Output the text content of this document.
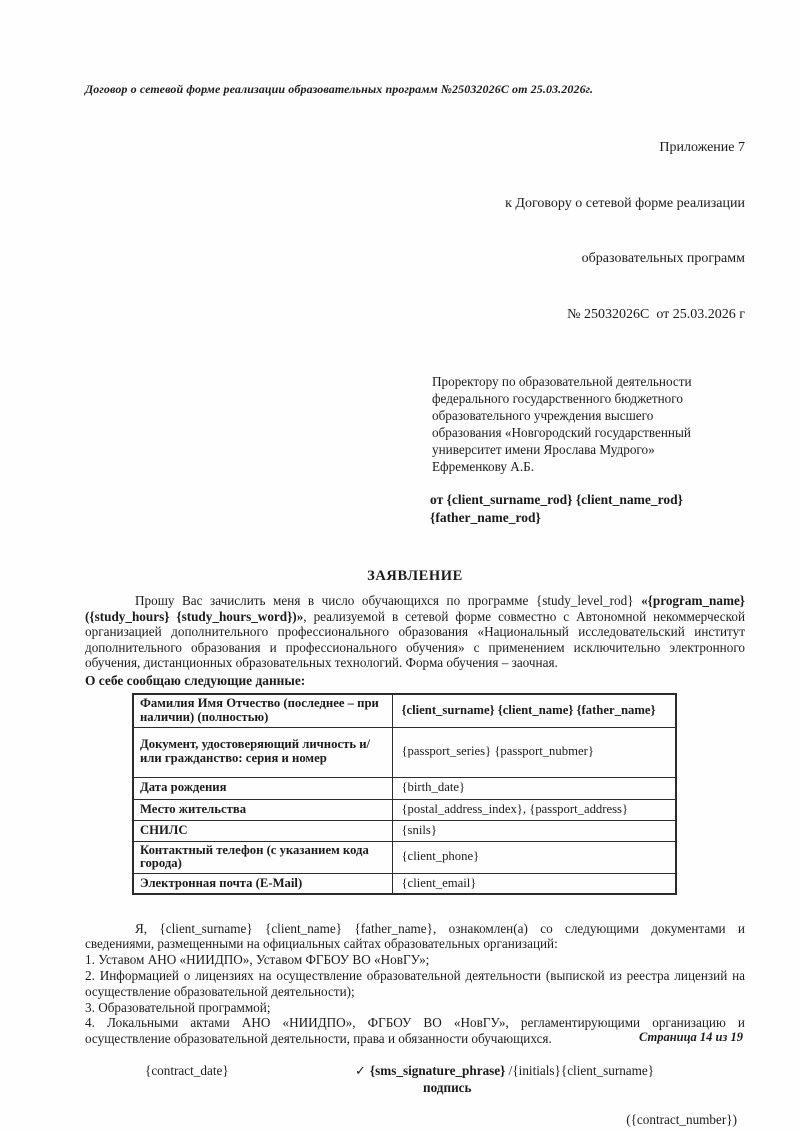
Договор о сетевой форме реализации образовательных программ №25032026С от 25.03.2026г.

Приложение 7

к Договору о сетевой форме реализации

образовательных программ

№ 25032026С  от 25.03.2026 г

Проректору по образовательной деятельности
федерального государственного бюджетного
образовательного учреждения высшего
образования «Новгородский государственный
университет имени Ярослава Мудрого»
Ефременкову А.Б.
от {client_surname_rod} {client_name_rod} {father_name_rod}
ЗАЯВЛЕНИЕ

Прошу Вас зачислить меня в число обучающихся по программе {study_level_rod} «{program_name} ({study_hours} {study_hours_word})», реализуемой в сетевой форме совместно с Автономной некоммерческой организацией дополнительного профессионального образования «Национальный исследовательский институт дополнительного образования и профессионального обучения» с применением исключительно электронного обучения, дистанционных образовательных технологий. Форма обучения – заочная.

О себе сообщаю следующие данные:
Фамилия Имя Отчество (последнее – при наличии) (полностью)	{client_surname} {client_name} {father_name}
Документ, удостоверяющий личность и/или гражданство: серия и номер	{passport_series} {passport_nubmer}
Дата рождения	{birth_date}
Место жительства	{postal_address_index}, {passport_address}
СНИЛС	{snils}
Контактный телефон (с указанием кода города)	{client_phone}
Электронная почта (E-Mail)	{client_email}

Я, {client_surname} {client_name} {father_name}, ознакомлен(а) со следующими документами и сведениями, размещенными на официальных сайтах образовательных организаций:

1. Уставом АНО «НИИДПО», Уставом ФГБОУ ВО «НовГУ»;
2. Информацией о лицензиях на осуществление образовательной деятельности (выпиской из реестра лицензий на осуществление образовательной деятельности);
3. Образовательной программой;
4. Локальными актами АНО «НИИДПО», ФГБОУ ВО «НовГУ», регламентирующими организацию и осуществление образовательной деятельности, права и обязанности обучающихся.
{contract_date}	✓ {sms_signature_phrase} /{initials}{client_surname}
подпись
({contract_number})
Страница 14 из 19
